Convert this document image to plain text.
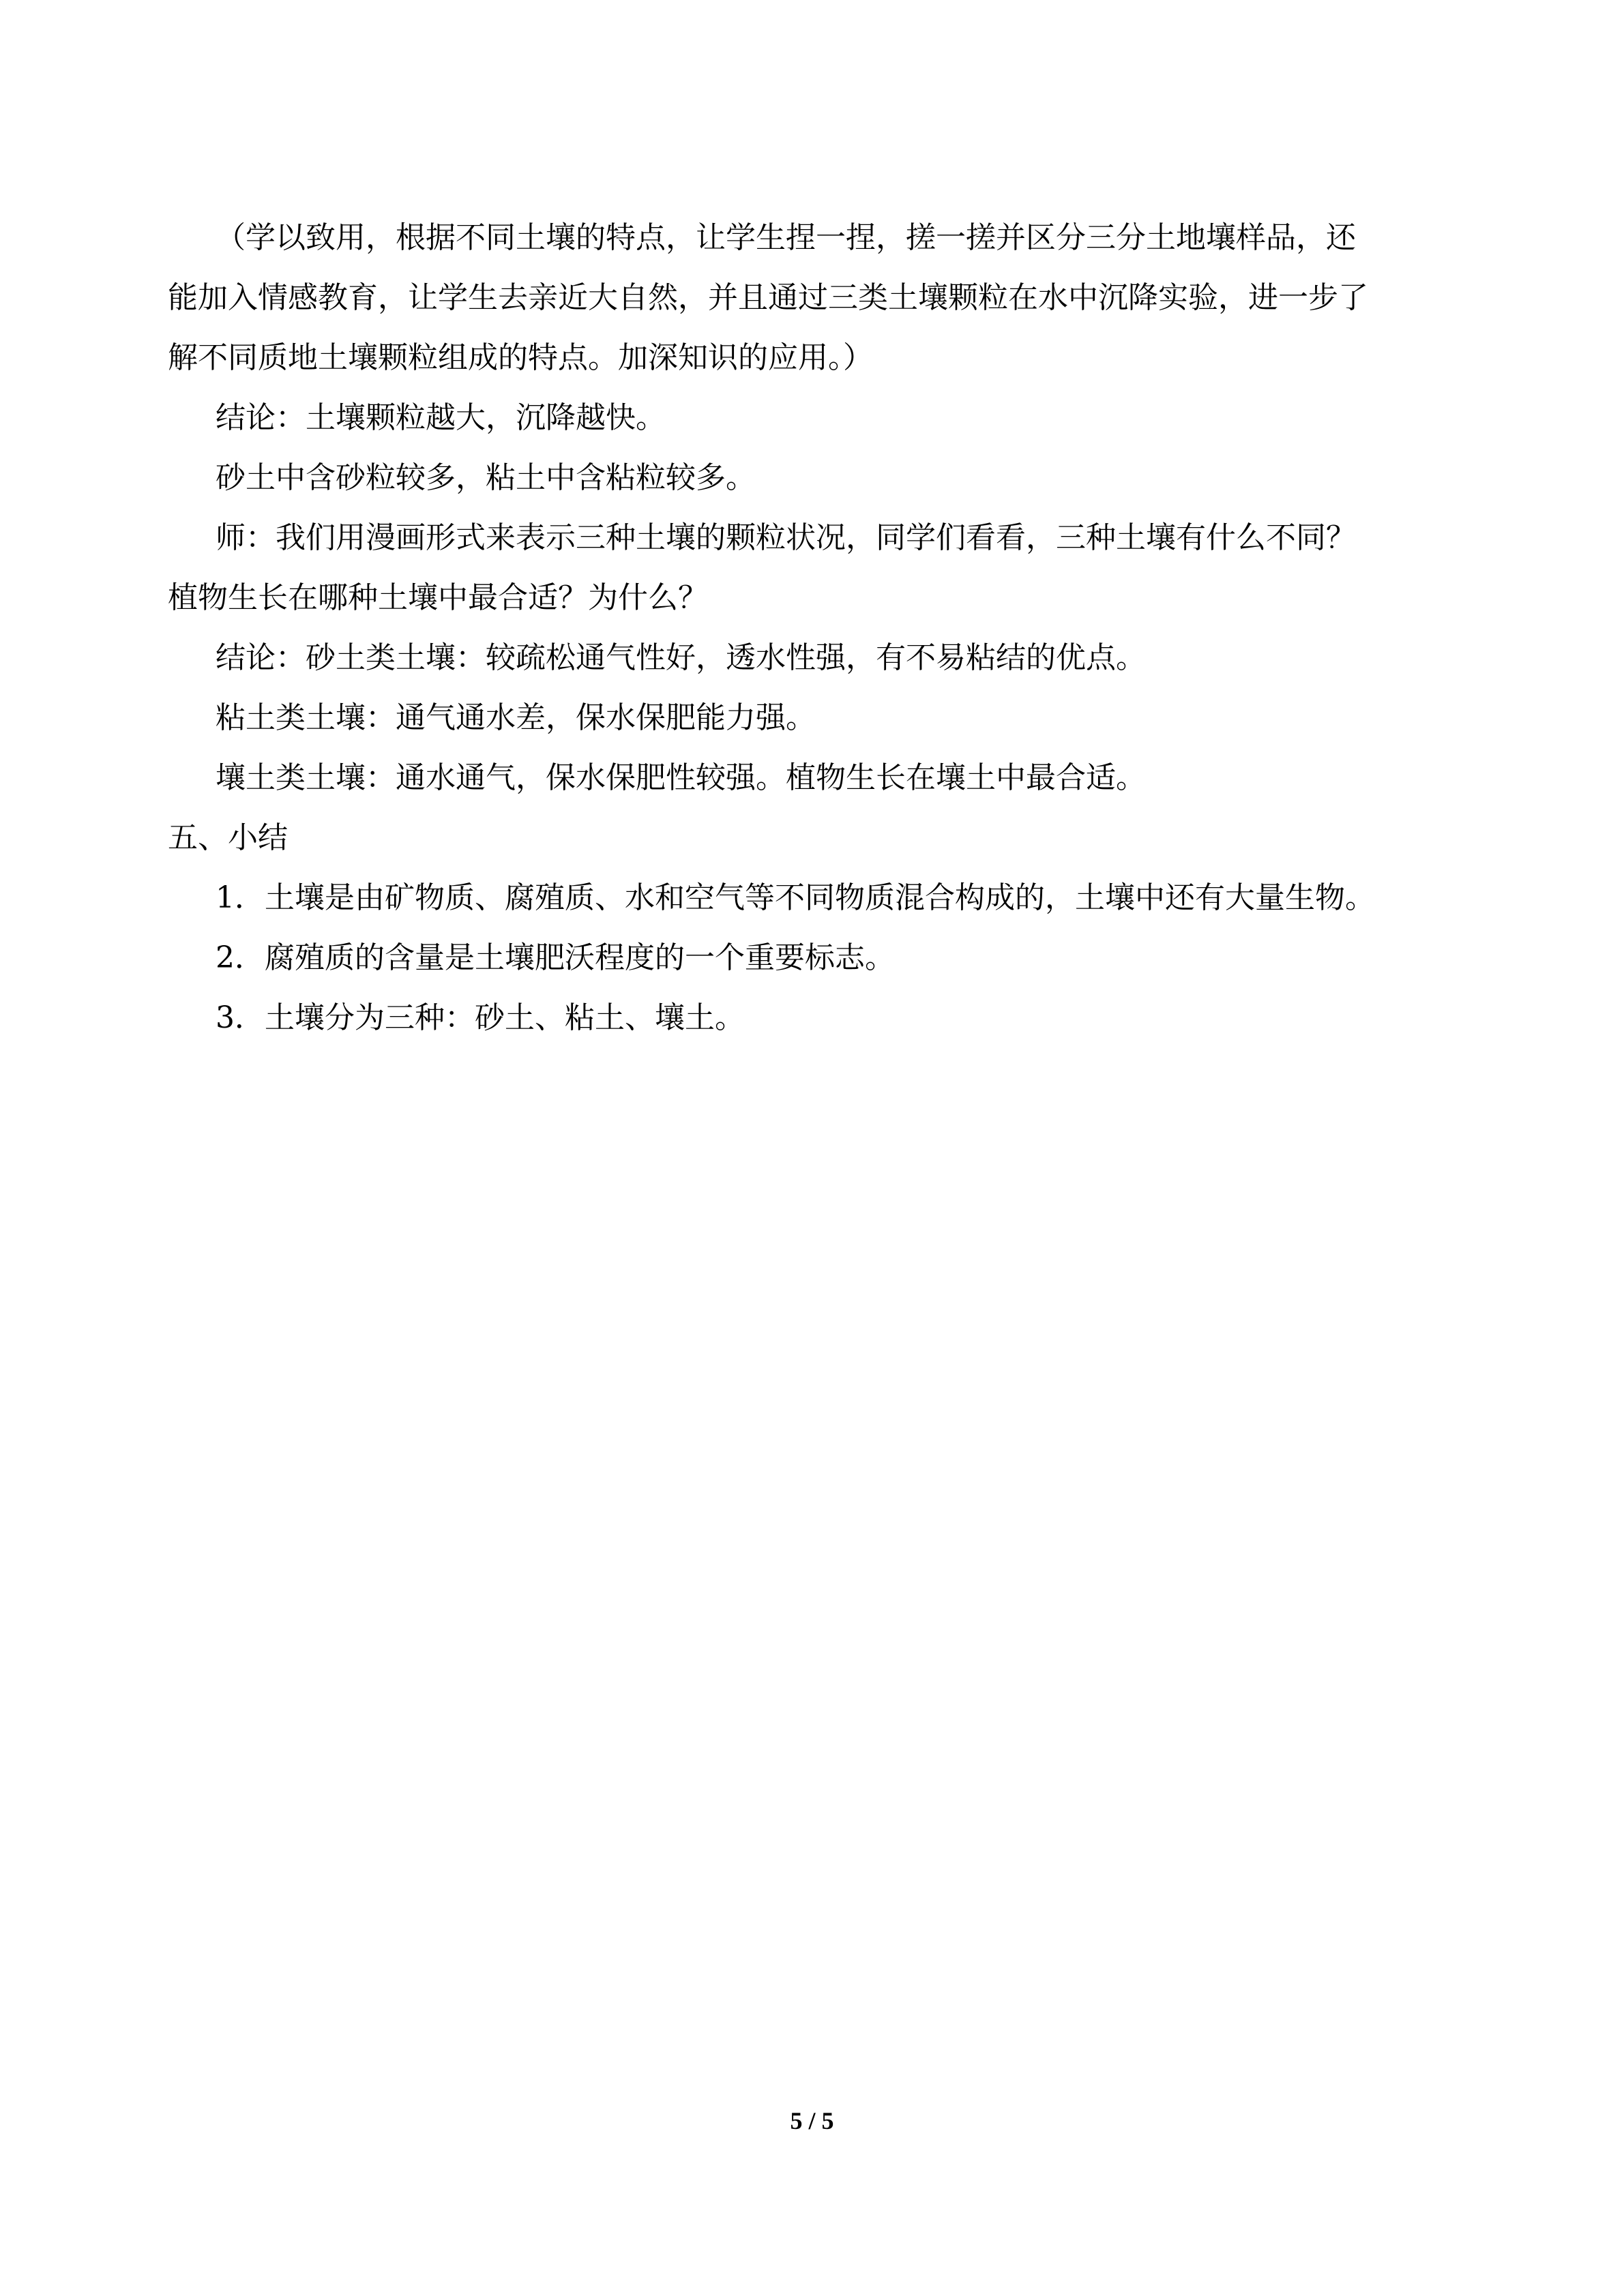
（学以致用，根据不同土壤的特点，让学生捏一捏，搓一搓并区分三分土地壤样品，还

能加入情感教育，让学生去亲近大自然，并且通过三类土壤颗粒在水中沉降实验，进一步了

解不同质地土壤颗粒组成的特点。加深知识的应用。）

结论：土壤颗粒越大，沉降越快。

砂土中含砂粒较多，粘土中含粘粒较多。

师：我们用漫画形式来表示三种土壤的颗粒状况，同学们看看，三种土壤有什么不同？

植物生长在哪种土壤中最合适？为什么？

结论：砂土类土壤：较疏松通气性好，透水性强，有不易粘结的优点。

粘土类土壤：通气通水差，保水保肥能力强。

壤土类土壤：通水通气，保水保肥性较强。植物生长在壤土中最合适。

五、小结

1．土壤是由矿物质、腐殖质、水和空气等不同物质混合构成的，土壤中还有大量生物。

2．腐殖质的含量是土壤肥沃程度的一个重要标志。

3．土壤分为三种：砂土、粘土、壤土。

5 / 5
